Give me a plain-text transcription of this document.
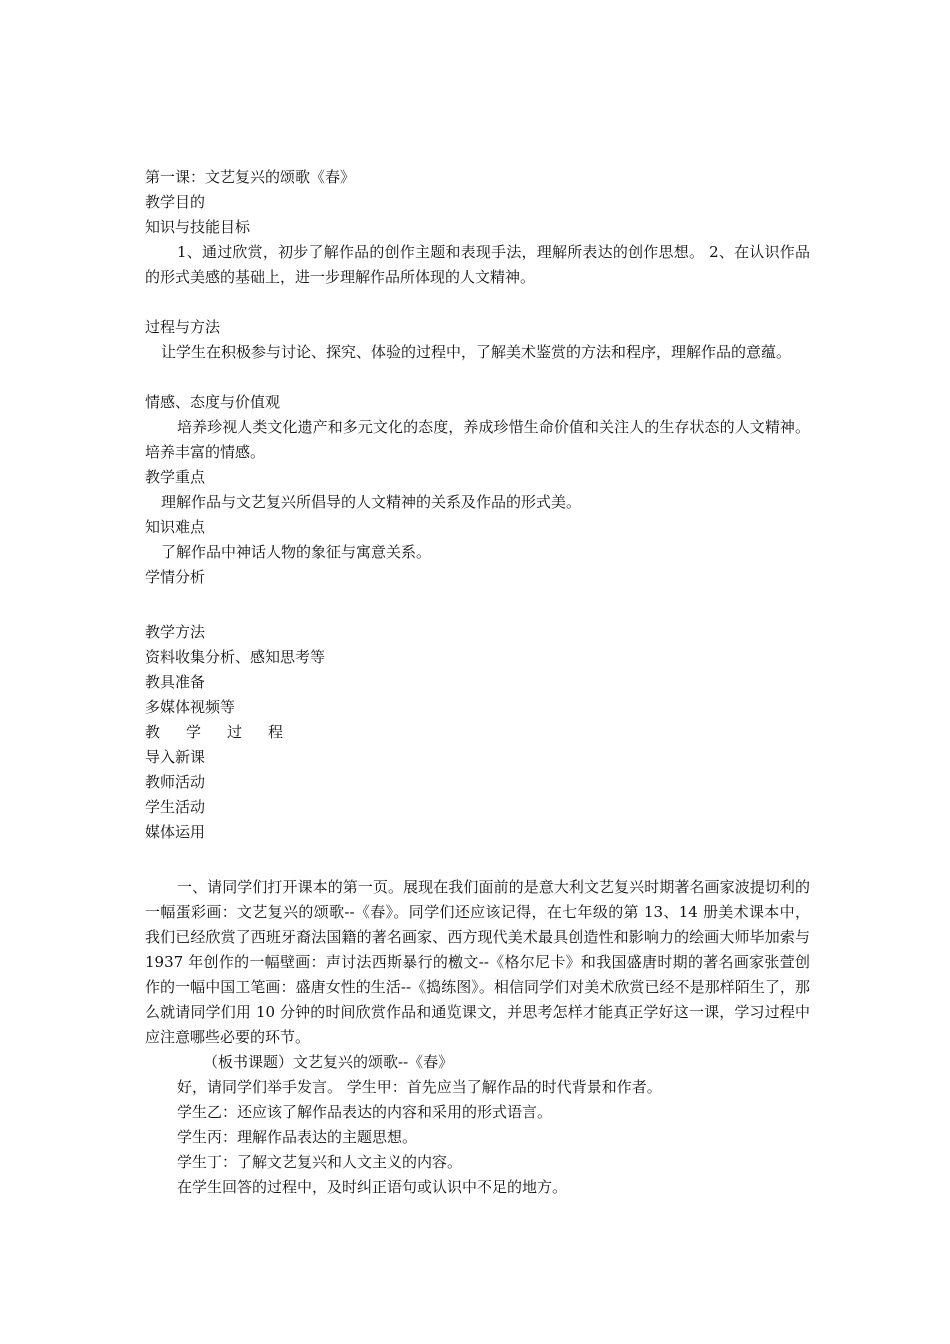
第一课：文艺复兴的颂歌《春》
教学目的
知识与技能目标
1、通过欣赏，初步了解作品的创作主题和表现手法，理解所表达的创作思想。 2、在认识作品的形式美感的基础上，进一步理解作品所体现的人文精神。
过程与方法
让学生在积极参与讨论、探究、体验的过程中，了解美术鉴赏的方法和程序，理解作品的意蕴。
情感、态度与价值观
培养珍视人类文化遗产和多元文化的态度，养成珍惜生命价值和关注人的生存状态的人文精神。培养丰富的情感。
教学重点
理解作品与文艺复兴所倡导的人文精神的关系及作品的形式美。
知识难点
了解作品中神话人物的象征与寓意关系。
学情分析
教学方法
资料收集分析、感知思考等
教具准备
多媒体视频等
教学过程
导入新课
教师活动
学生活动
媒体运用
一、请同学们打开课本的第一页。展现在我们面前的是意大利文艺复兴时期著名画家波提切利的一幅蛋彩画：文艺复兴的颂歌--《春》。同学们还应该记得，在七年级的第 13、14 册美术课本中，我们已经欣赏了西班牙裔法国籍的著名画家、西方现代美术最具创造性和影响力的绘画大师毕加索与 1937 年创作的一幅壁画：声讨法西斯暴行的檄文--《格尔尼卡》和我国盛唐时期的著名画家张萱创作的一幅中国工笔画：盛唐女性的生活--《捣练图》。相信同学们对美术欣赏已经不是那样陌生了，那么就请同学们用 10 分钟的时间欣赏作品和通览课文，并思考怎样才能真正学好这一课，学习过程中应注意哪些必要的环节。
（板书课题）文艺复兴的颂歌--《春》
好，请同学们举手发言。 学生甲：首先应当了解作品的时代背景和作者。
学生乙：还应该了解作品表达的内容和采用的形式语言。
学生丙：理解作品表达的主题思想。
学生丁：了解文艺复兴和人文主义的内容。
在学生回答的过程中，及时纠正语句或认识中不足的地方。
